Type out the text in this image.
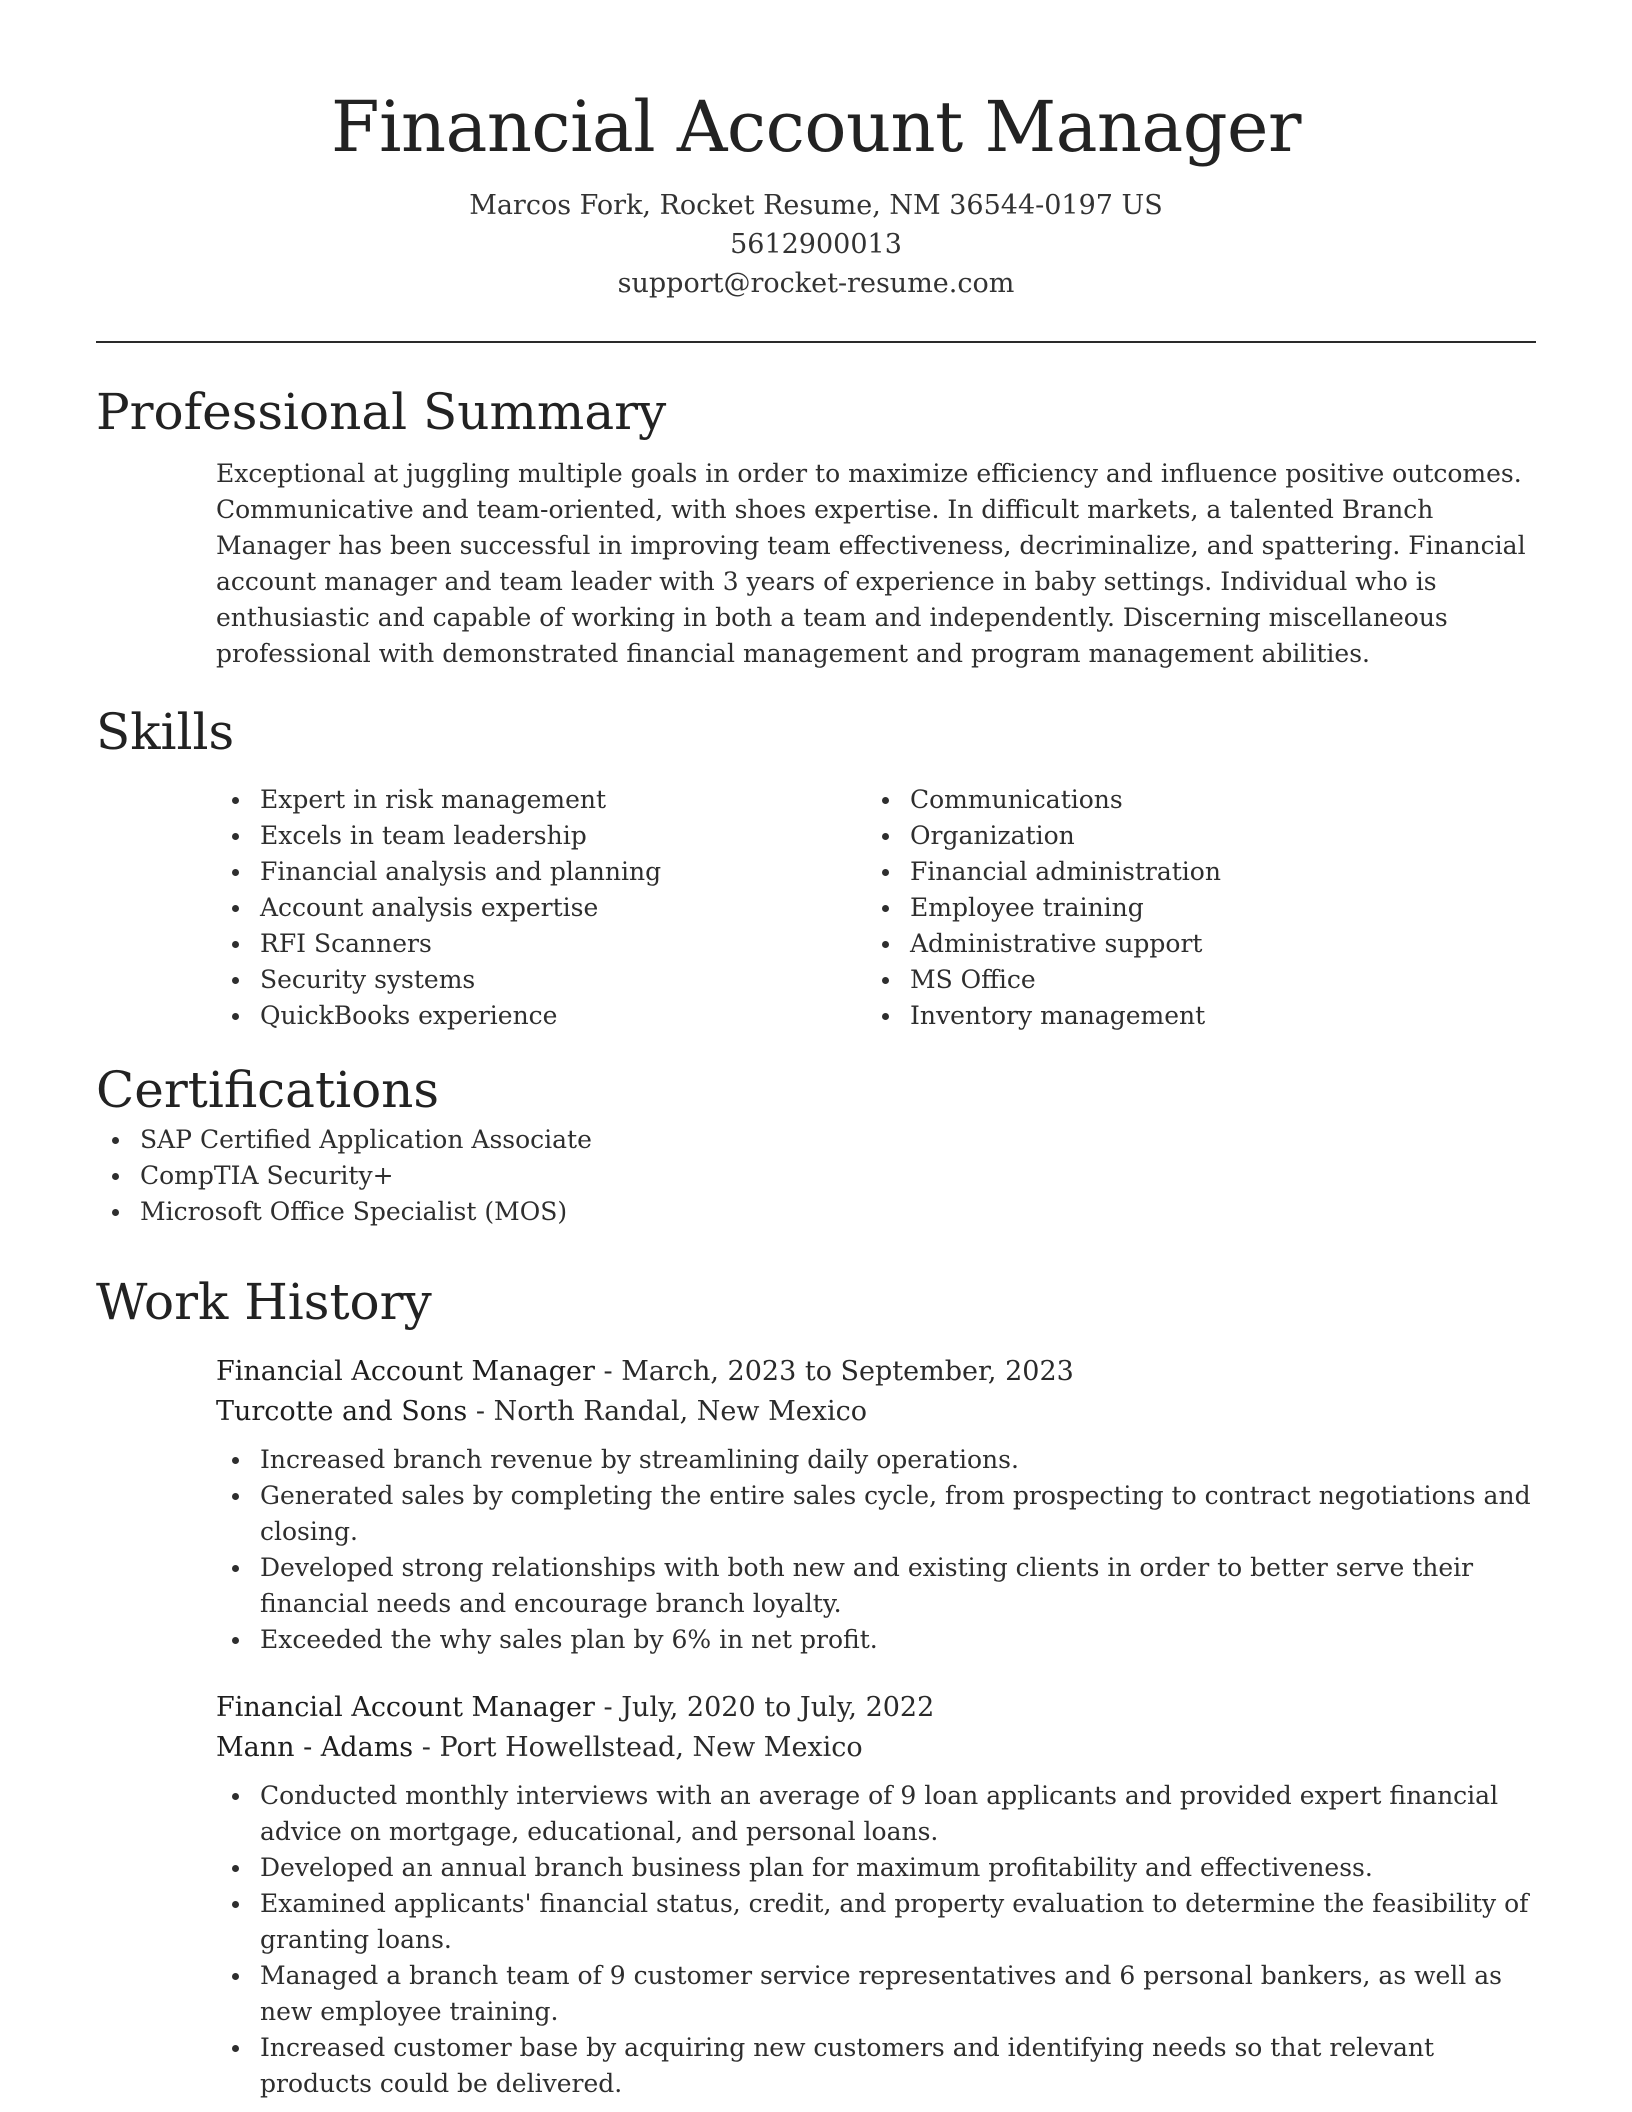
Financial Account Manager
Marcos Fork, Rocket Resume, NM 36544-0197 US
5612900013
support@rocket-resume.com
Professional Summary
Exceptional at juggling multiple goals in order to maximize efficiency and influence positive outcomes. Communicative and team-oriented, with shoes expertise. In difficult markets, a talented Branch Manager has been successful in improving team effectiveness, decriminalize, and spattering. Financial account manager and team leader with 3 years of experience in baby settings. Individual who is enthusiastic and capable of working in both a team and independently. Discerning miscellaneous professional with demonstrated financial management and program management abilities.
Skills
Expert in risk management
Excels in team leadership
Financial analysis and planning
Account analysis expertise
RFI Scanners
Security systems
QuickBooks experience
Communications
Organization
Financial administration
Employee training
Administrative support
MS Office
Inventory management
Certifications
SAP Certified Application Associate
CompTIA Security+
Microsoft Office Specialist (MOS)
Work History
Financial Account Manager - March, 2023 to September, 2023
Turcotte and Sons - North Randal, New Mexico
Increased branch revenue by streamlining daily operations.
Generated sales by completing the entire sales cycle, from prospecting to contract negotiations and closing.
Developed strong relationships with both new and existing clients in order to better serve their financial needs and encourage branch loyalty.
Exceeded the why sales plan by 6% in net profit.
Financial Account Manager - July, 2020 to July, 2022
Mann - Adams - Port Howellstead, New Mexico
Conducted monthly interviews with an average of 9 loan applicants and provided expert financial advice on mortgage, educational, and personal loans.
Developed an annual branch business plan for maximum profitability and effectiveness.
Examined applicants' financial status, credit, and property evaluation to determine the feasibility of granting loans.
Managed a branch team of 9 customer service representatives and 6 personal bankers, as well as new employee training.
Increased customer base by acquiring new customers and identifying needs so that relevant products could be delivered.
